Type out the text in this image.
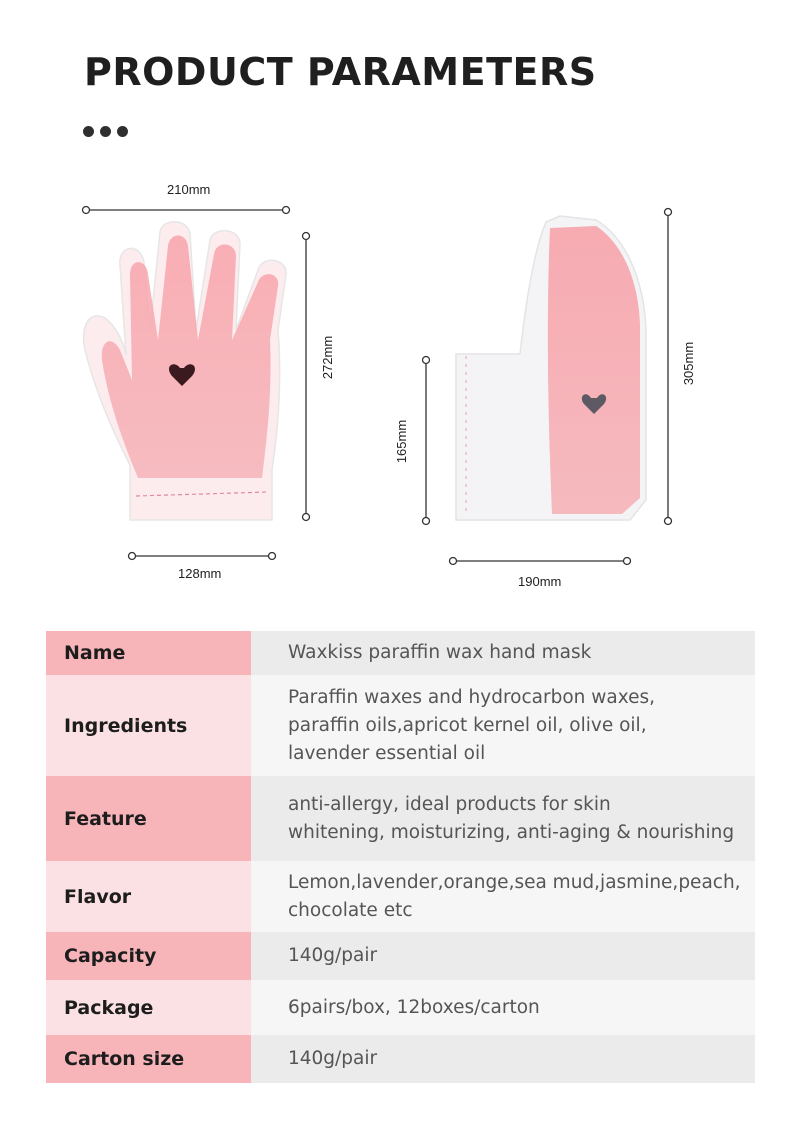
PRODUCT PARAMETERS
210mm
272mm
128mm
165mm
305mm
190mm
Name	Waxkiss paraffin wax hand mask

Ingredients	Paraffin waxes and hydrocarbon waxes,
paraffin oils,apricot kernel oil, olive oil,
lavender essential oil

Feature	anti-allergy, ideal products for skin
whitening, moisturizing, anti-aging & nourishing

Flavor	Lemon,lavender,orange,sea mud,jasmine,peach,
chocolate etc

Capacity	140g/pair

Package	6pairs/box, 12boxes/carton

Carton size	140g/pair
